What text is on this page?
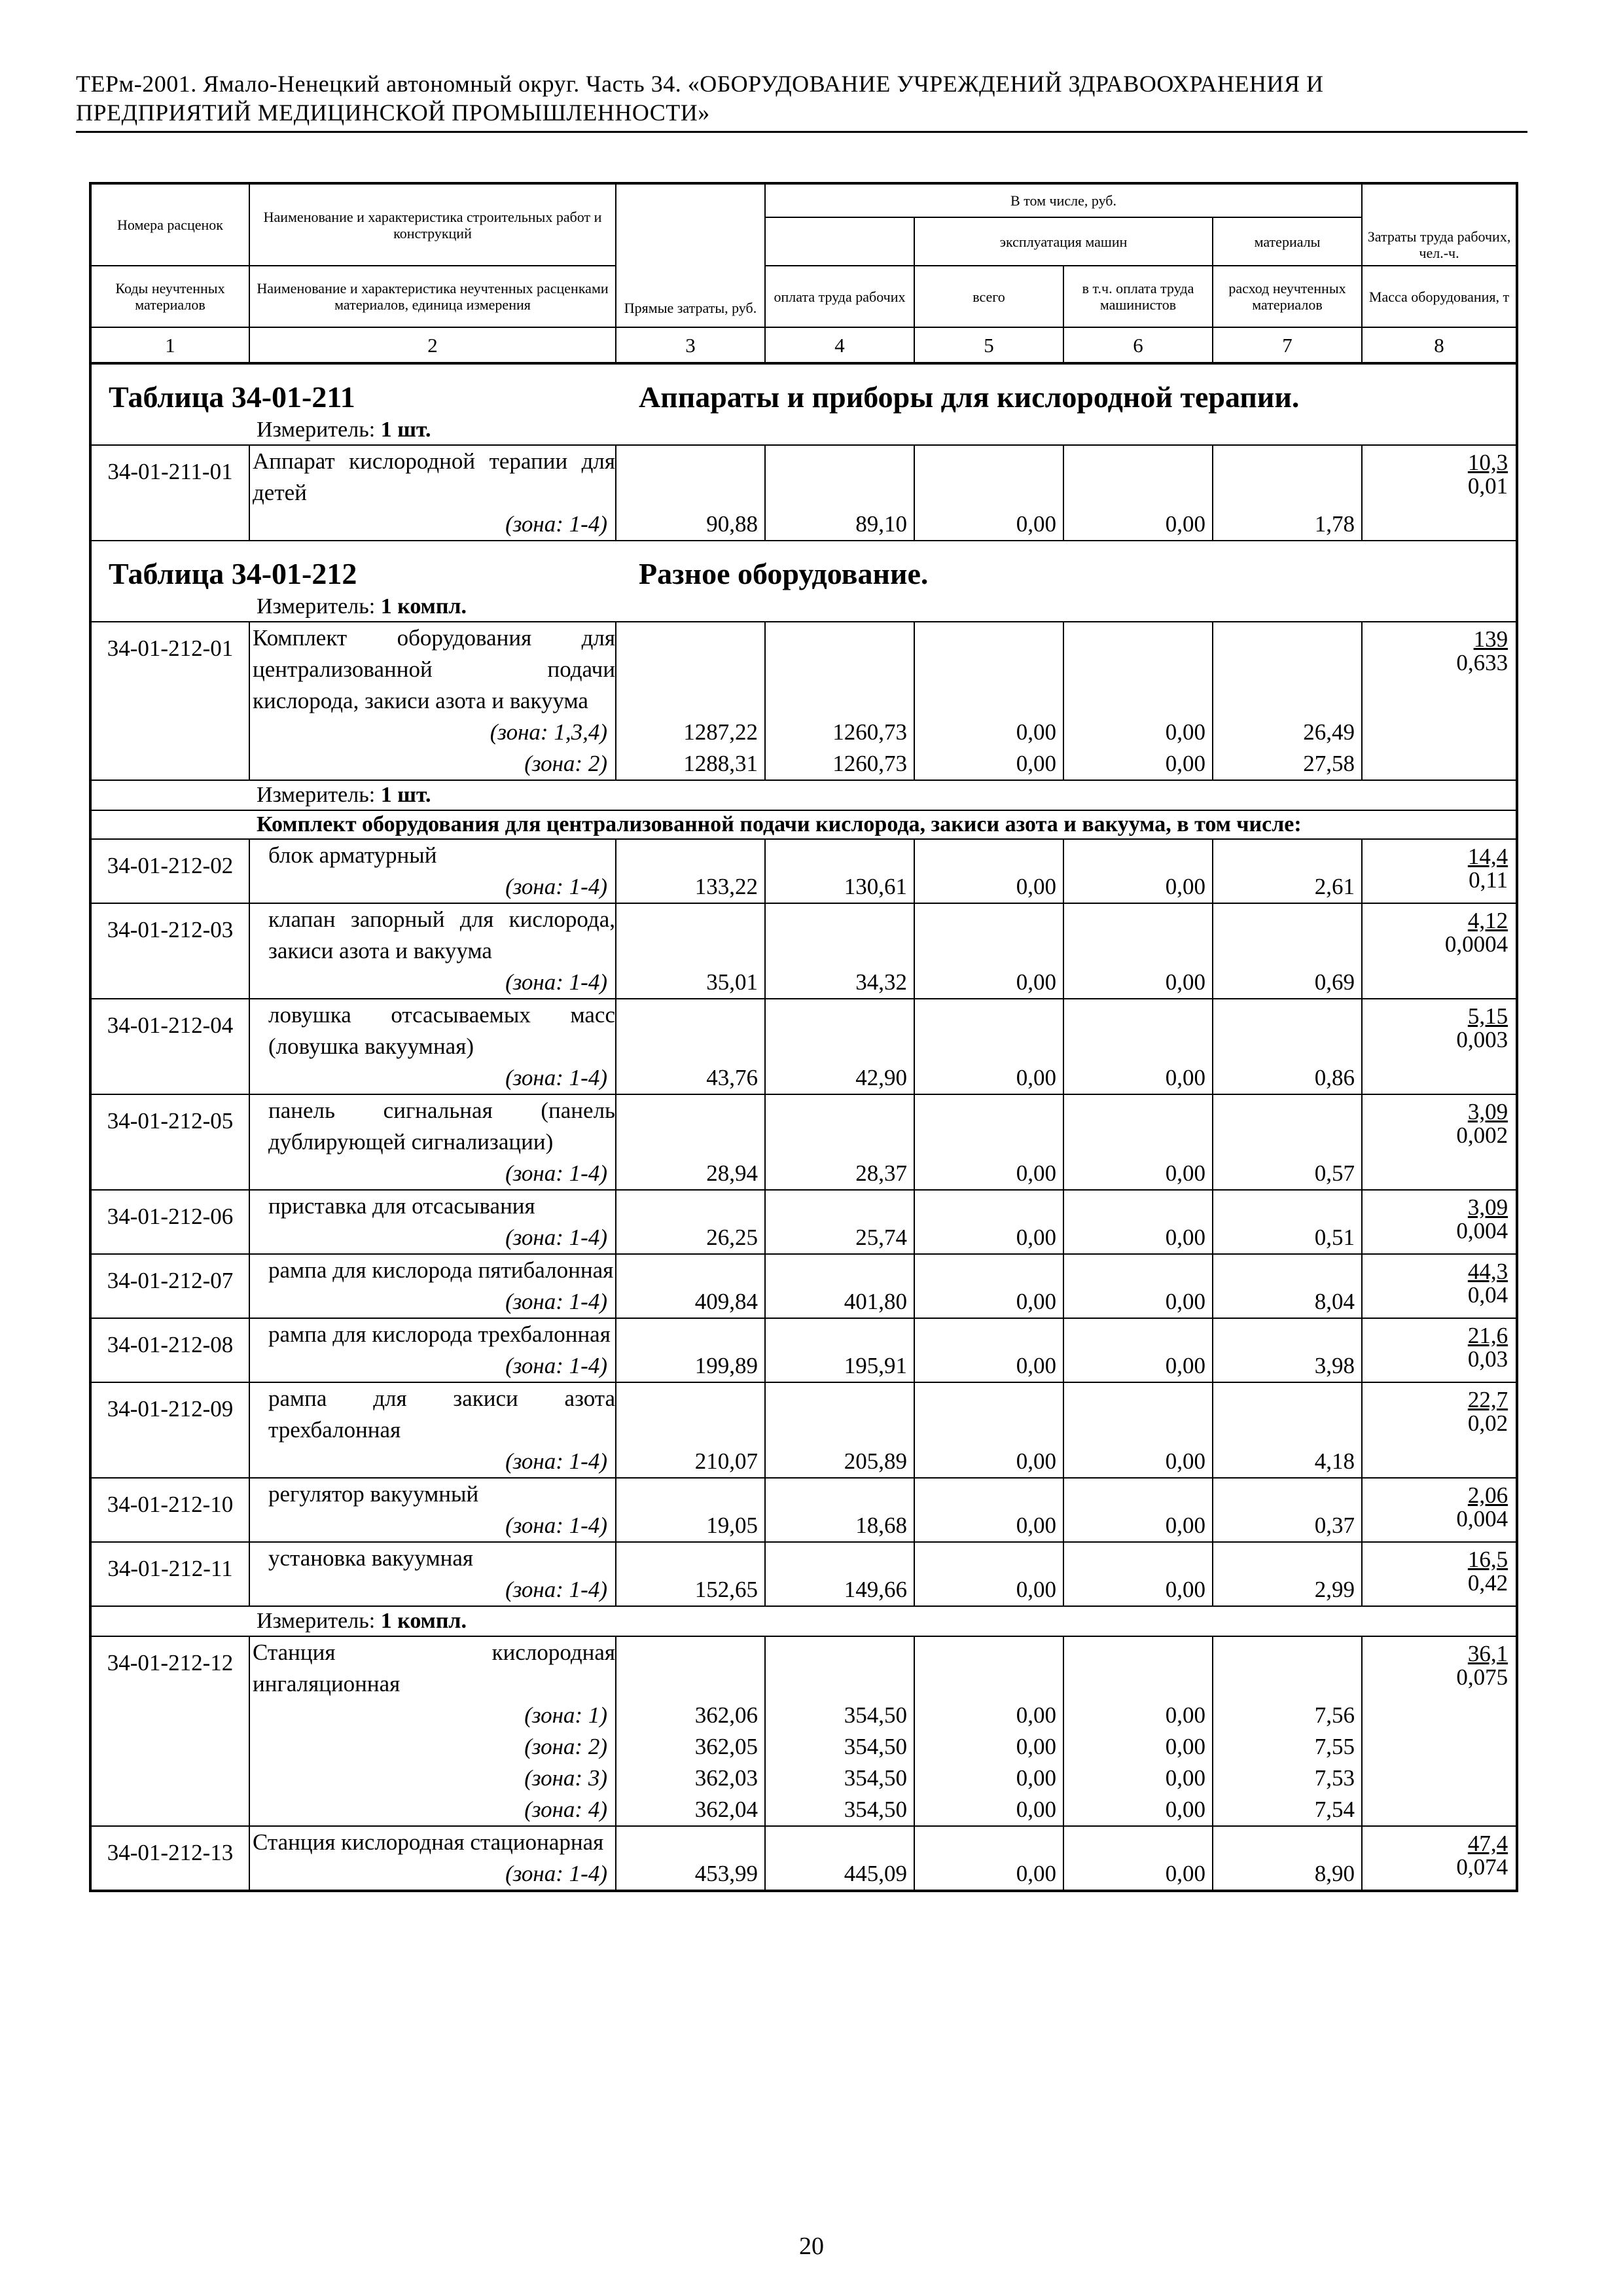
ТЕРм-2001. Ямало-Ненецкий автономный округ. Часть 34. «ОБОРУДОВАНИЕ УЧРЕЖДЕНИЙ ЗДРАВООХРАНЕНИЯ И
ПРЕДПРИЯТИЙ МЕДИЦИНСКОЙ ПРОМЫШЛЕННОСТИ»
Номера расценок	Наименование и характеристика строительных работ и конструкций	Прямые затраты, руб.	В том числе, руб.				Затраты труда рабочих, чел.-ч.
				эксплуатация машин		материалы	
Коды неучтенных материалов	Наименование и характеристика неучтенных расценками материалов, единица измерения		оплата труда рабочих	всего	в т.ч. оплата труда машинистов	расход неучтенных материалов	Масса оборудования, т
1	2	3	4	5	6	7	8
Таблица 34-01-211 Аппараты и приборы для кислородной терапии.							

Измеритель: 1 шт.							

34-01-211-01	Аппарат кислородной терапии для детей						10,3
0,01

	(зона: 1-4)	90,88	89,10	0,00	0,00	1,78	
Таблица 34-01-212 Разное оборудование.							

Измеритель: 1 компл.							

34-01-212-01	Комплект оборудования для централизованной подачи кислорода, закиси азота и вакуума						139
0,633

	(зона: 1,3,4)	1287,22	1260,73	0,00	0,00	26,49	
	(зона: 2)	1288,31	1260,73	0,00	0,00	27,58	

Измеритель: 1 шт.							

Комплект оборудования для централизованной подачи кислорода, закиси азота и вакуума, в том числе:							
34-01-212-02	блок арматурный						14,4
0,11

	(зона: 1-4)	133,22	130,61	0,00	0,00	2,61	
34-01-212-03	клапан запорный для кислорода, закиси азота и вакуума						4,12
0,0004

	(зона: 1-4)	35,01	34,32	0,00	0,00	0,69	
34-01-212-04	ловушка отсасываемых масс (ловушка вакуумная)						5,15
0,003

	(зона: 1-4)	43,76	42,90	0,00	0,00	0,86	
34-01-212-05	панель сигнальная (панель дублирующей сигнализации)						3,09
0,002

	(зона: 1-4)	28,94	28,37	0,00	0,00	0,57	
34-01-212-06	приставка для отсасывания						3,09
0,004

	(зона: 1-4)	26,25	25,74	0,00	0,00	0,51	
34-01-212-07	рампа для кислорода пятибалонная						44,3
0,04

	(зона: 1-4)	409,84	401,80	0,00	0,00	8,04	
34-01-212-08	рампа для кислорода трехбалонная						21,6
0,03

	(зона: 1-4)	199,89	195,91	0,00	0,00	3,98	
34-01-212-09	рампа для закиси азота трехбалонная						22,7
0,02

	(зона: 1-4)	210,07	205,89	0,00	0,00	4,18	
34-01-212-10	регулятор вакуумный						2,06
0,004

	(зона: 1-4)	19,05	18,68	0,00	0,00	0,37	
34-01-212-11	установка вакуумная						16,5
0,42

	(зона: 1-4)	152,65	149,66	0,00	0,00	2,99	

Измеритель: 1 компл.							

34-01-212-12	Станция кислородная ингаляционная						36,1
0,075

	(зона: 1)	362,06	354,50	0,00	0,00	7,56	
	(зона: 2)	362,05	354,50	0,00	0,00	7,55	
	(зона: 3)	362,03	354,50	0,00	0,00	7,53	
	(зона: 4)	362,04	354,50	0,00	0,00	7,54	
34-01-212-13	Станция кислородная стационарная						47,4
0,074

	(зона: 1-4)	453,99	445,09	0,00	0,00	8,90	
20
